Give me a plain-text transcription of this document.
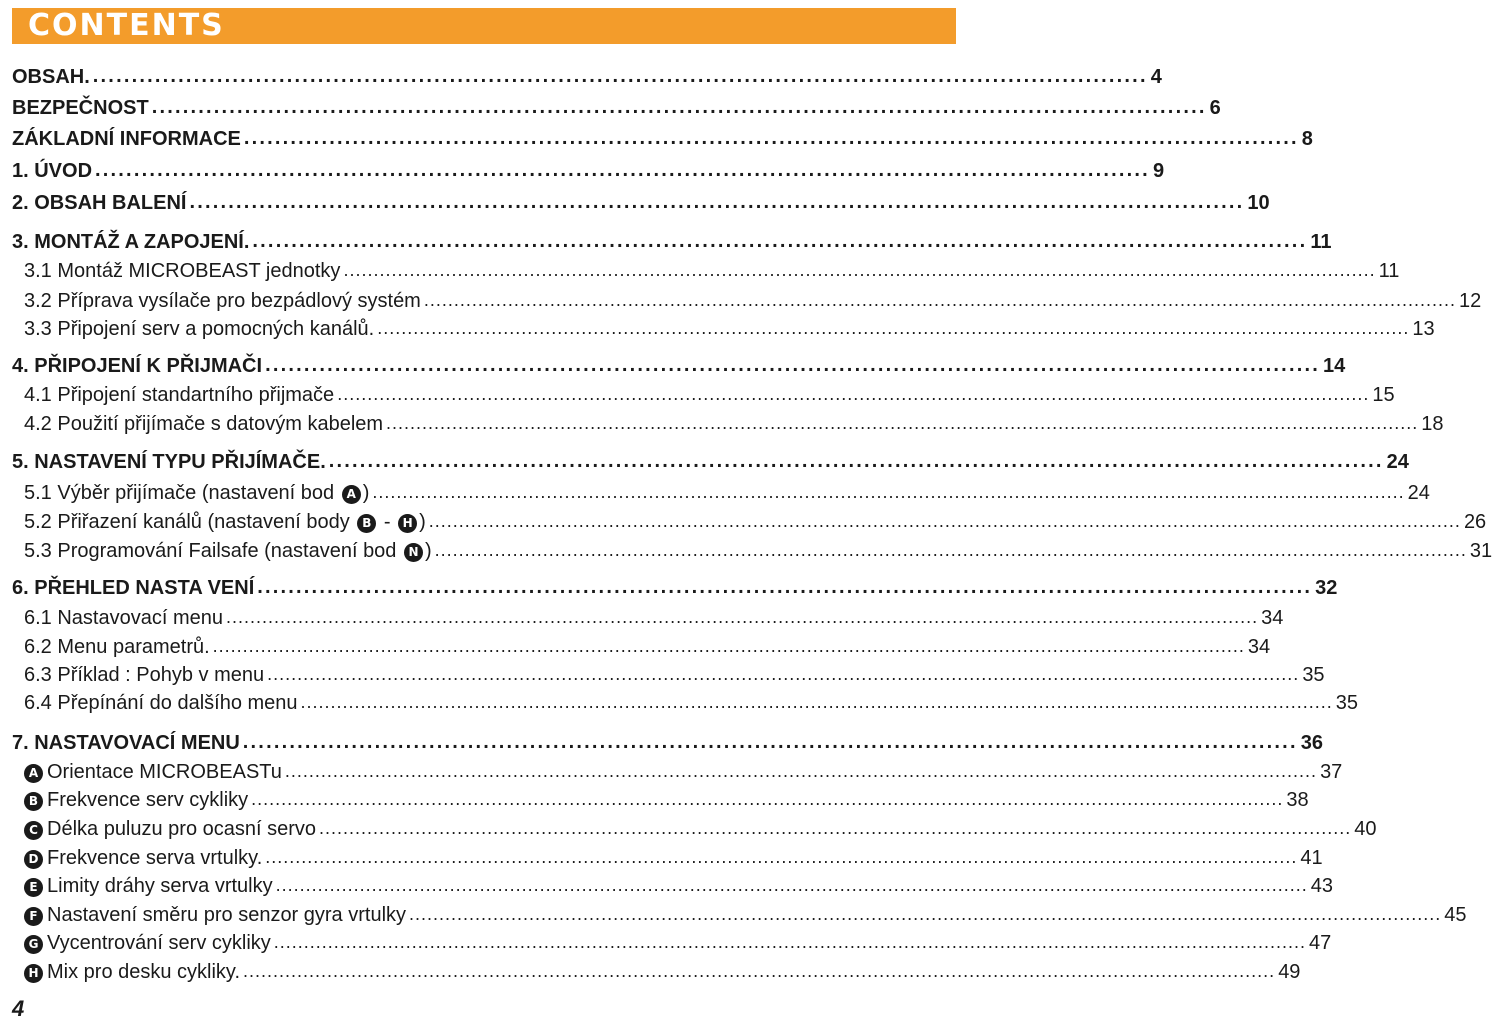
CONTENTS
OBSAH. ........................................................................................................................................ 4
BEZPEČNOST ........................................................................................................................................ 6
ZÁKLADNÍ INFORMACE ........................................................................................................................................ 8
1. ÚVOD ........................................................................................................................................ 9
2. OBSAH BALENÍ ........................................................................................................................................ 10
3. MONTÁŽ A ZAPOJENÍ. ........................................................................................................................................ 11
3.1 Montáž MICROBEAST jednotky ............................................................................................................................................................................ 11
3.2 Příprava vysílače pro bezpádlový systém ............................................................................................................................................................................ 12
3.3 Připojení serv a pomocných kanálů. ............................................................................................................................................................................ 13
4. PŘIPOJENÍ K PŘIJMAČI ........................................................................................................................................ 14
4.1 Připojení standartního přijmače ............................................................................................................................................................................ 15
4.2 Použití přijímače s datovým kabelem ............................................................................................................................................................................ 18
5. NASTAVENÍ TYPU PŘIJÍMAČE. ........................................................................................................................................ 24
5.1 Výběr přijímače (nastavení bod A ) ............................................................................................................................................................................ 24
5.2 Přiřazení kanálů (nastavení body B - H ) ............................................................................................................................................................................ 26
5.3 Programování Failsafe (nastavení bod N ) ............................................................................................................................................................................ 31
6. PŘEHLED NASTA VENÍ ........................................................................................................................................ 32
6.1 Nastavovací menu ............................................................................................................................................................................ 34
6.2 Menu parametrů. ............................................................................................................................................................................ 34
6.3 Příklad : Pohyb v menu ............................................................................................................................................................................ 35
6.4 Přepínání do dalšího menu ............................................................................................................................................................................ 35
7. NASTAVOVACÍ MENU ........................................................................................................................................ 36
A Orientace MICROBEASTu ............................................................................................................................................................................ 37
B Frekvence serv cykliky ............................................................................................................................................................................ 38
C Délka puluzu pro ocasní servo ............................................................................................................................................................................ 40
D Frekvence serva vrtulky. ............................................................................................................................................................................ 41
E Limity dráhy serva vrtulky ............................................................................................................................................................................ 43
F Nastavení směru pro senzor gyra vrtulky ............................................................................................................................................................................ 45
G Vycentrování serv cykliky ............................................................................................................................................................................ 47
H Mix pro desku cykliky. ............................................................................................................................................................................ 49
4
